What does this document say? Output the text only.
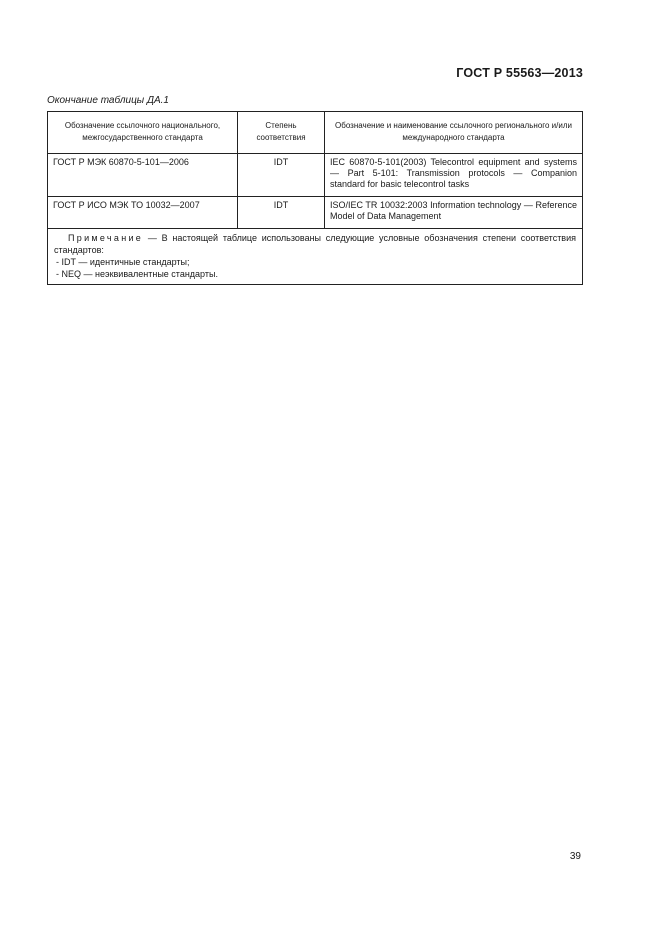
ГОСТ Р 55563—2013
Окончание таблицы ДА.1
Обозначение ссылочного национального, межгосударственного стандарта	Степень соответствия	Обозначение и наименование ссылочного регионального и/или международного стандарта

ГОСТ Р МЭК 60870-5-101—2006	IDT	IEC 60870-5-101(2003) Telecontrol equipment and systems — Part 5-101: Transmission protocols — Companion standard for basic telecontrol tasks

ГОСТ Р ИСО МЭК ТО 10032—2007	IDT	ISO/IEC TR 10032:2003 Information technology — Reference Model of Data Management

Примечание — В настоящей таблице использованы следующие условные обозначения степени соответствия стандартов:
- IDT — идентичные стандарты;
- NEQ — неэквивалентные стандарты.		
39
